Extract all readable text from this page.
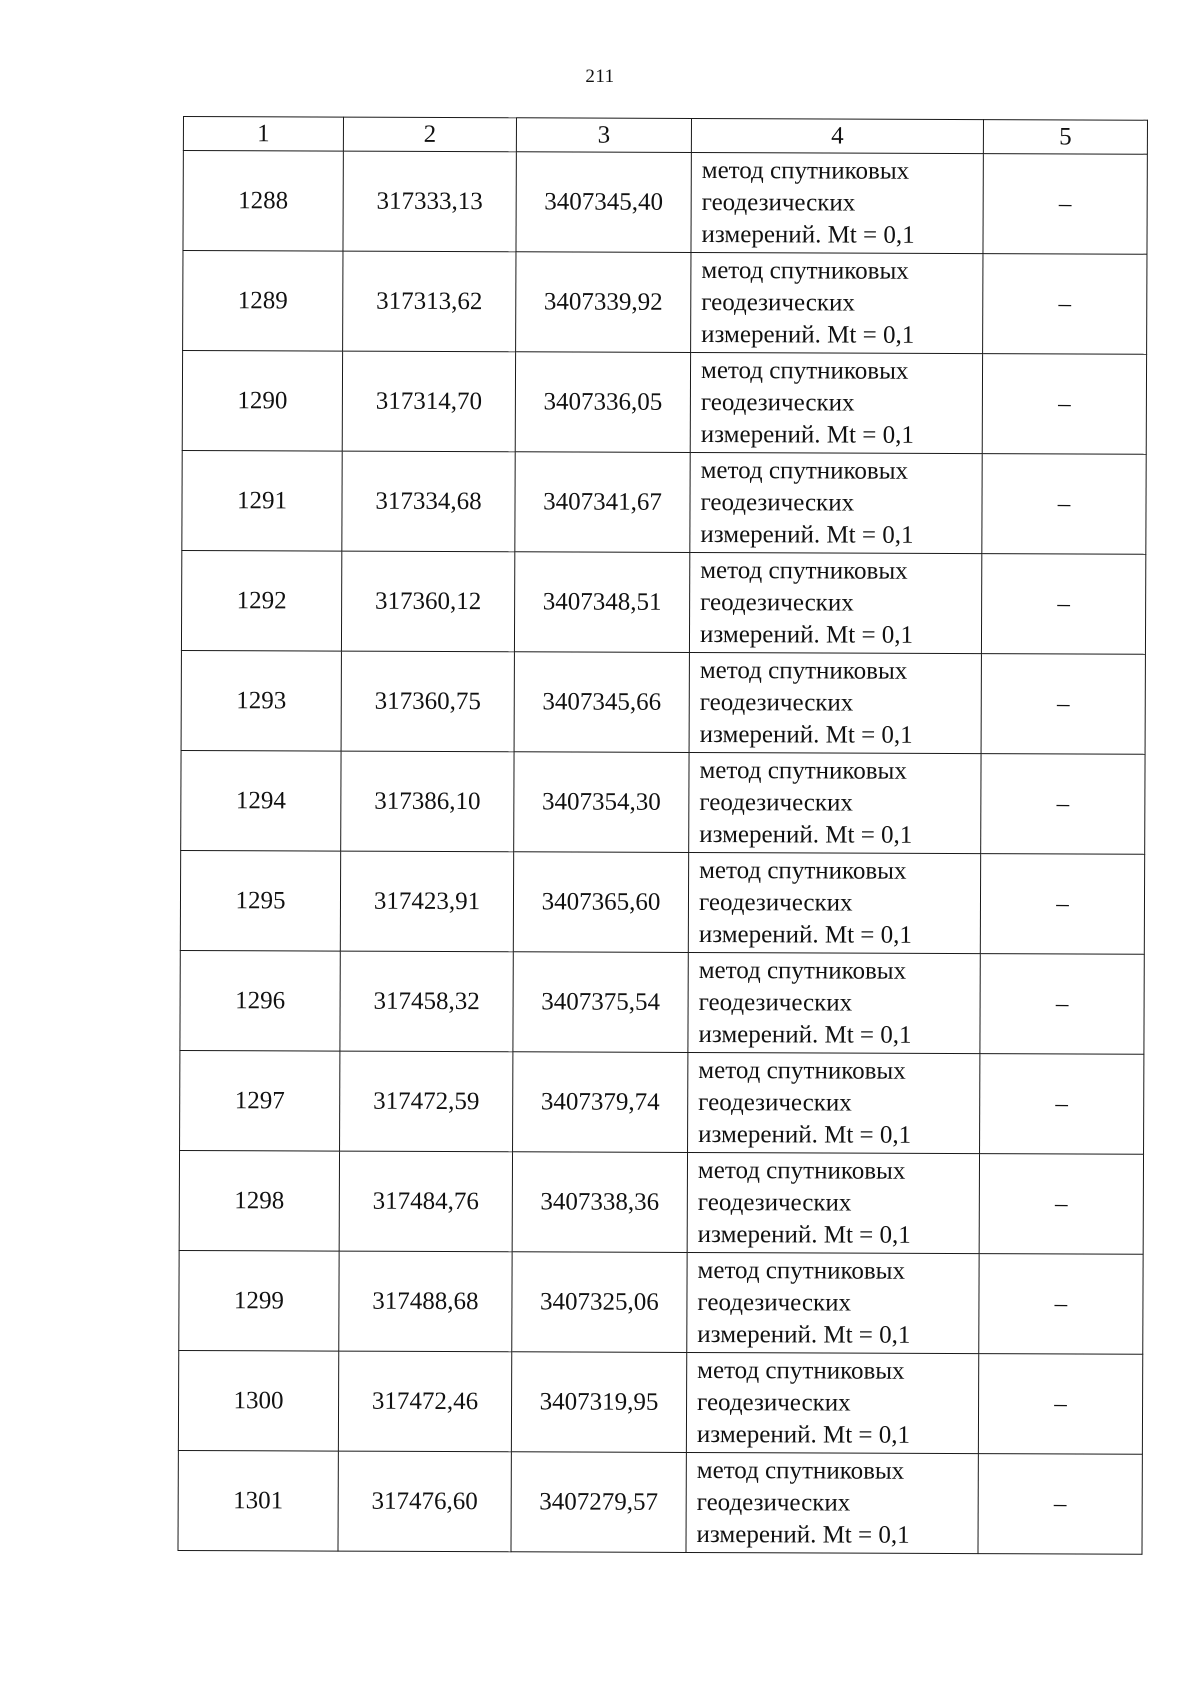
211
1	2	3	4	5
1288	317333,13	3407345,40	метод спутниковых
геодезических
измерений. Mt = 0,1	–
1289	317313,62	3407339,92	метод спутниковых
геодезических
измерений. Mt = 0,1	–
1290	317314,70	3407336,05	метод спутниковых
геодезических
измерений. Mt = 0,1	–
1291	317334,68	3407341,67	метод спутниковых
геодезических
измерений. Mt = 0,1	–
1292	317360,12	3407348,51	метод спутниковых
геодезических
измерений. Mt = 0,1	–
1293	317360,75	3407345,66	метод спутниковых
геодезических
измерений. Mt = 0,1	–
1294	317386,10	3407354,30	метод спутниковых
геодезических
измерений. Mt = 0,1	–
1295	317423,91	3407365,60	метод спутниковых
геодезических
измерений. Mt = 0,1	–
1296	317458,32	3407375,54	метод спутниковых
геодезических
измерений. Mt = 0,1	–
1297	317472,59	3407379,74	метод спутниковых
геодезических
измерений. Mt = 0,1	–
1298	317484,76	3407338,36	метод спутниковых
геодезических
измерений. Mt = 0,1	–
1299	317488,68	3407325,06	метод спутниковых
геодезических
измерений. Mt = 0,1	–
1300	317472,46	3407319,95	метод спутниковых
геодезических
измерений. Mt = 0,1	–
1301	317476,60	3407279,57	метод спутниковых
геодезических
измерений. Mt = 0,1	–
